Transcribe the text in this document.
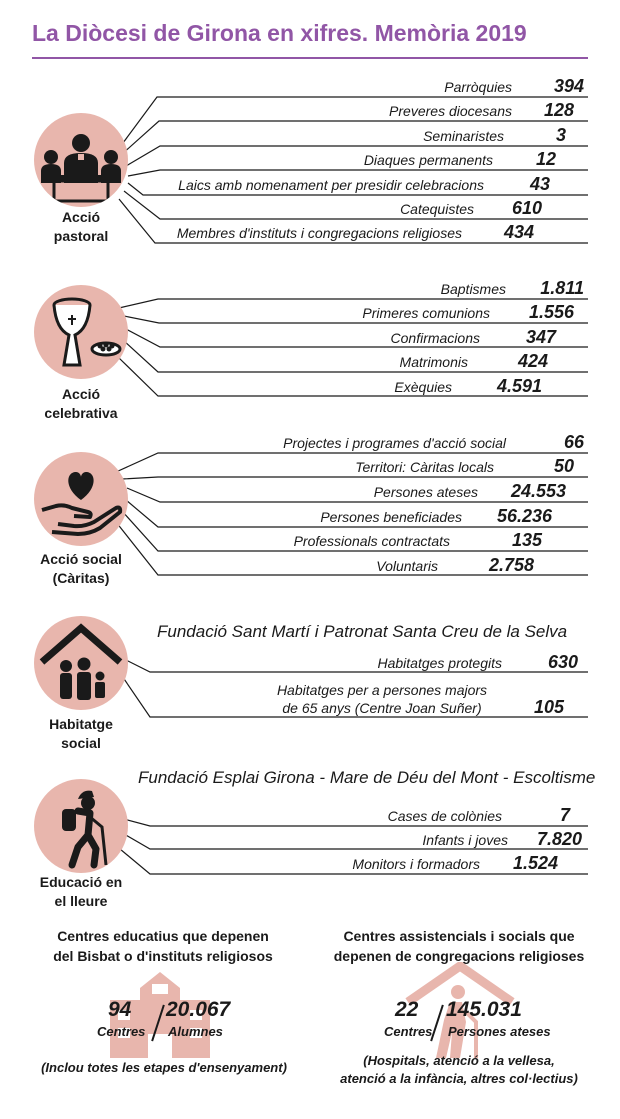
La Diòcesi de Girona en xifres. Memòria 2019
Acció
pastoral
Parròquies 394
Preveres diocesans 128
Seminaristes	3
Diaques permanents 12
Laics amb nomenament per presidir celebracions	43
Catequistes 610
Membres d'instituts i congregacions religioses 434
Acció
celebrativa
Baptismes 1.811
Primeres comunions 1.556
Confirmacions	347
Matrimonis	424
Exèquies 4.591
Acció social
(Càritas)
Projectes i programes d'acció social	66
Territori: Càritas locals	50
Persones ateses 24.553
Persones beneficiades 56.236
Professionals contractats	135
Voluntaris	2.758
Habitatge
social
Fundació Sant Martí i Patronat Santa Creu de la Selva
Habitatges protegits	630
Habitatges per a persones majors
de 65 anys (Centre Joan Suñer)	105
Educació en
el lleure
Fundació Esplai Girona - Mare de Déu del Mont - Escoltisme
Cases de colònies	7
Infants i joves 7.820
Monitors i formadors 1.524
Centres educatius que depenen
del Bisbat o d'instituts religiosos
94
Centres
20.067
Alumnes
(Inclou totes les etapes d'ensenyament)
Centres assistencials i socials que
depenen de congregacions religioses
22
Centres
145.031
Persones ateses
(Hospitals, atenció a la vellesa,
atenció a la infància, altres col·lectius)
